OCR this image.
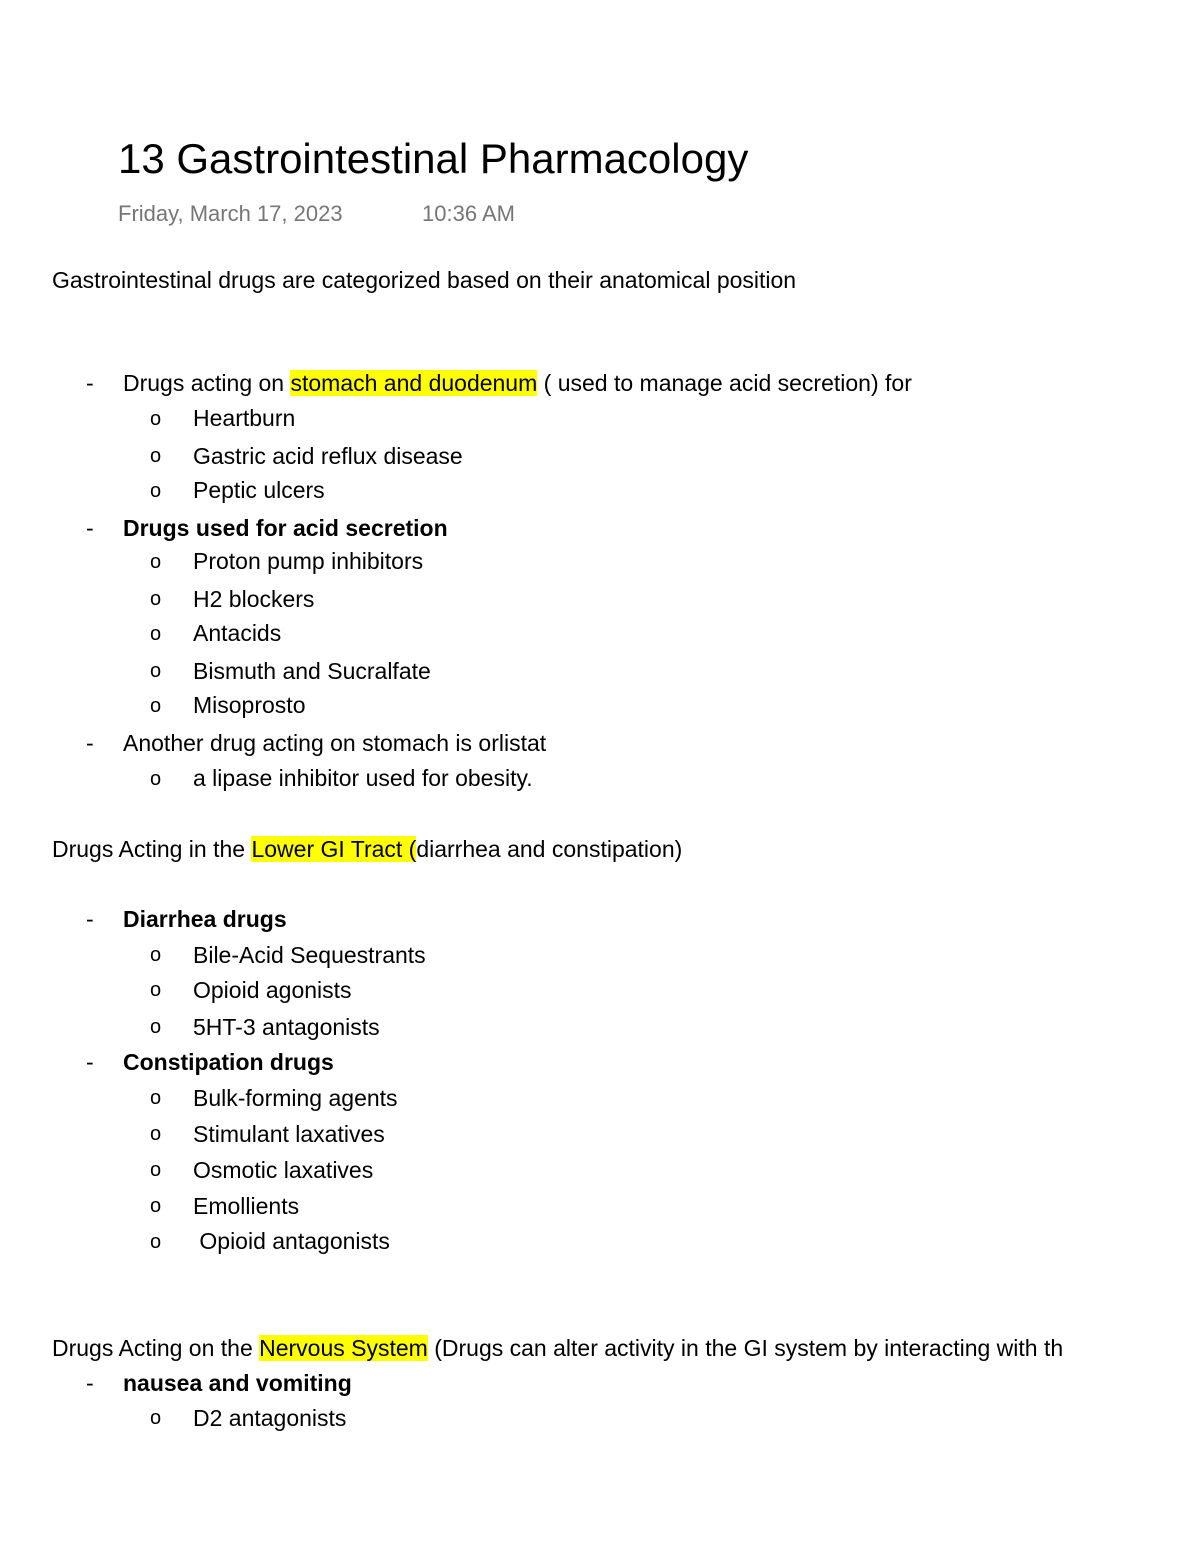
13 Gastrointestinal Pharmacology
Friday, March 17, 2023	10:36 AM
Gastrointestinal drugs are categorized based on their anatomical position
- Drugs acting on stomach and duodenum ( used to manage acid secretion) for
o Heartburn
o Gastric acid reflux disease
o Peptic ulcers
- Drugs used for acid secretion
o Proton pump inhibitors
o H2 blockers
o Antacids
o Bismuth and Sucralfate
o Misoprosto
- Another drug acting on stomach is orlistat
o a lipase inhibitor used for obesity.
Drugs Acting in the Lower GI Tract (diarrhea and constipation)
- Diarrhea drugs
o Bile-Acid Sequestrants
o Opioid agonists
o 5HT-3 antagonists
- Constipation drugs
o Bulk-forming agents
o Stimulant laxatives
o Osmotic laxatives
o Emollients
o Opioid antagonists
Drugs Acting on the Nervous System (Drugs can alter activity in the GI system by interacting with th
- nausea and vomiting
o D2 antagonists
